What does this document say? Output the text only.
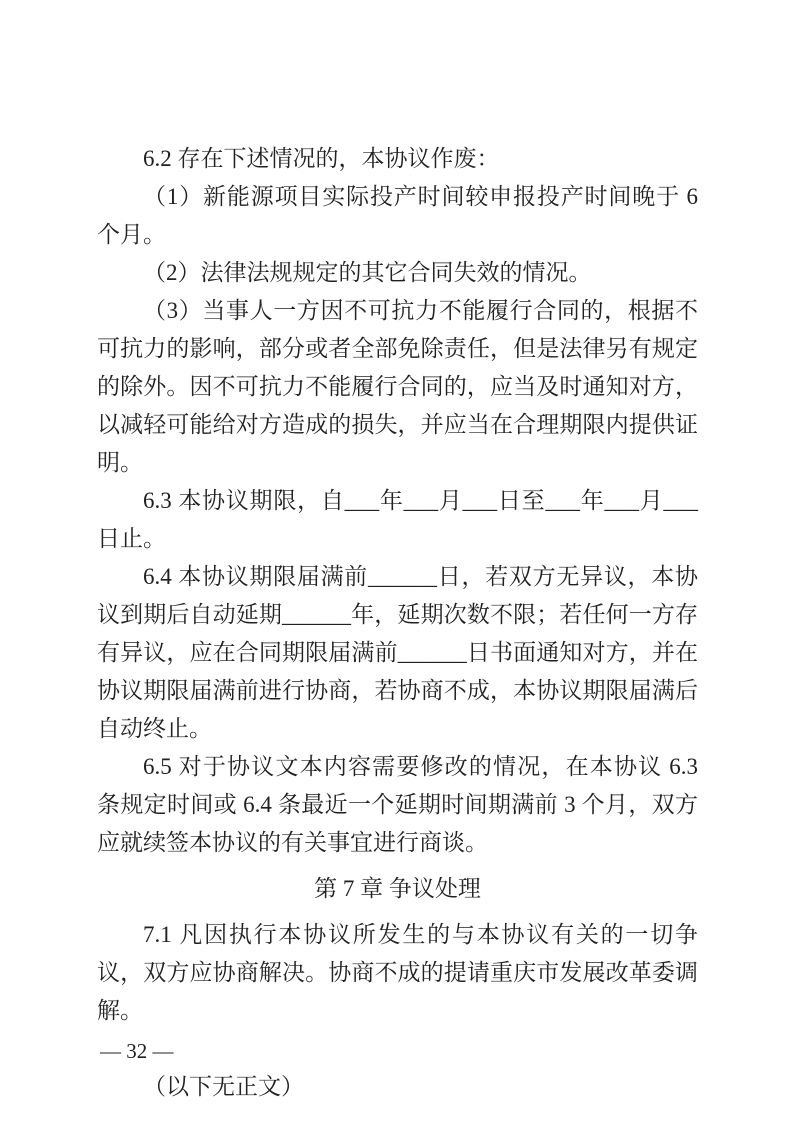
6.2 存在下述情况的，本协议作废：

（1）新能源项目实际投产时间较申报投产时间晚于 6 个月。

（2）法律法规规定的其它合同失效的情况。

（3）当事人一方因不可抗力不能履行合同的，根据不可抗力的影响，部分或者全部免除责任，但是法律另有规定的除外。因不可抗力不能履行合同的，应当及时通知对方，以减轻可能给对方造成的损失，并应当在合理期限内提供证明。

6.3 本协议期限，自___年___月___日至___年___月___日止。

6.4 本协议期限届满前______日，若双方无异议，本协议到期后自动延期______年，延期次数不限；若任何一方存有异议，应在合同期限届满前______日书面通知对方，并在协议期限届满前进行协商，若协商不成，本协议期限届满后自动终止。

6.5 对于协议文本内容需要修改的情况，在本协议 6.3 条规定时间或 6.4 条最近一个延期时间期满前 3 个月，双方应就续签本协议的有关事宜进行商谈。

第 7 章 争议处理

7.1 凡因执行本协议所发生的与本协议有关的一切争议，双方应协商解决。协商不成的提请重庆市发展改革委调解。

（以下无正文）

— 32 —
